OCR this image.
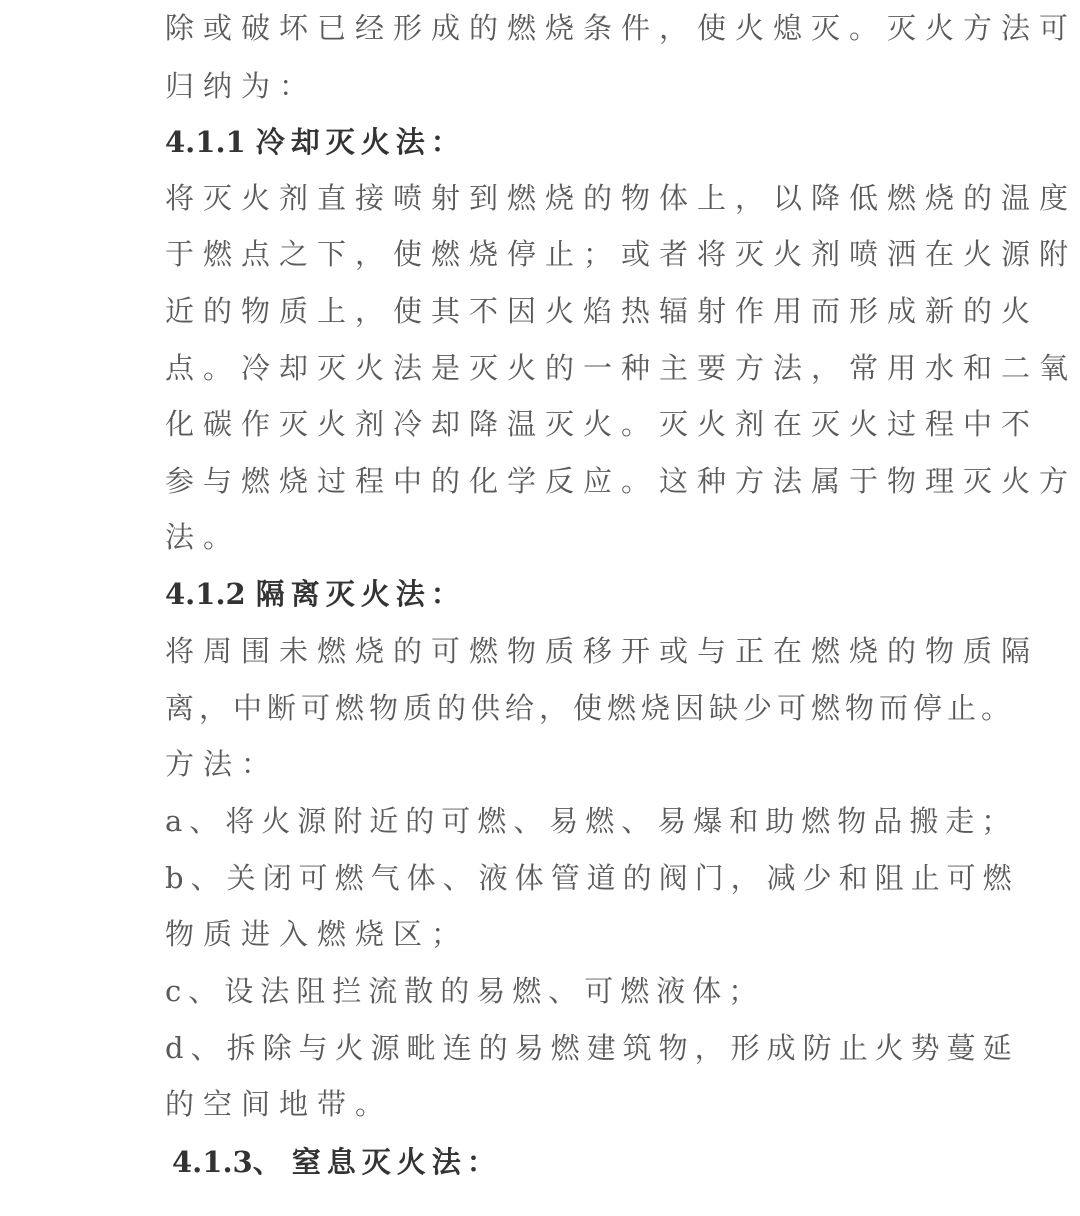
除或破坏已经形成的燃烧条件，使火熄灭。灭火方法可
归纳为：
4.1.1 冷却灭火法：
将灭火剂直接喷射到燃烧的物体上，以降低燃烧的温度
于燃点之下，使燃烧停止；或者将灭火剂喷洒在火源附
近的物质上，使其不因火焰热辐射作用而形成新的火
点。冷却灭火法是灭火的一种主要方法，常用水和二氧
化碳作灭火剂冷却降温灭火。灭火剂在灭火过程中不
参与燃烧过程中的化学反应。这种方法属于物理灭火方
法。
4.1.2 隔离灭火法：
将周围未燃烧的可燃物质移开或与正在燃烧的物质隔
离，中断可燃物质的供给，使燃烧因缺少可燃物而停止。
方法：
a、将火源附近的可燃、易燃、易爆和助燃物品搬走；
b、关闭可燃气体、液体管道的阀门，减少和阻止可燃
物质进入燃烧区；
c、设法阻拦流散的易燃、可燃液体；
d、拆除与火源毗连的易燃建筑物，形成防止火势蔓延
的空间地带。
4.1.3、 窒息灭火法：
